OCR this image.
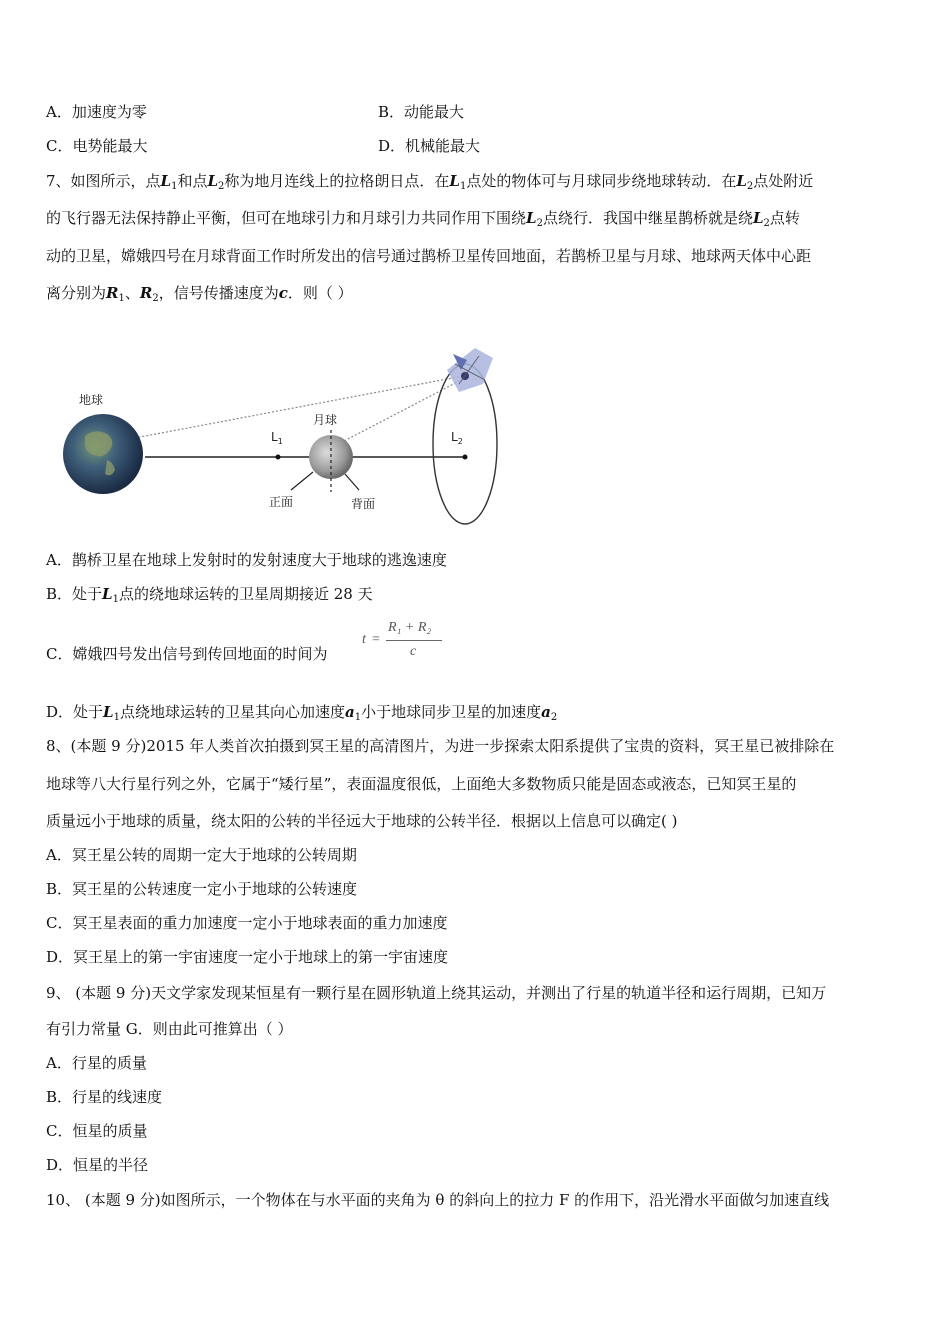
A．加速度为零	B．动能最大
C．电势能最大	D．机械能最大
7、如图所示，点$L_1$和点$L_2$称为地月连线上的拉格朗日点．在$L_1$点处的物体可与月球同步绕地球转动．在$L_2$点处附近
的飞行器无法保持静止平衡，但可在地球引力和月球引力共同作用下围绕$L_2$点绕行．我国中继星鹊桥就是绕$L_2$点转
动的卫星，嫦娥四号在月球背面工作时所发出的信号通过鹊桥卫星传回地面，若鹊桥卫星与月球、地球两天体中心距
离分别为$R_1$、$R_2$，信号传播速度为c．则（ ）
地球
$L_1$
月球
正面	背面
$L_2$
A．鹊桥卫星在地球上发射时的发射速度大于地球的逃逸速度
B．处于$L_1$点的绕地球运转的卫星周期接近 28 天
C．嫦娥四号发出信号到传回地面的时间为
t =
R₁ + R₂
c
D．处于$L_1$点绕地球运转的卫星其向心加速度$a_1$小于地球同步卫星的加速度$a_2$
8、(本题 9 分)2015 年人类首次拍摄到冥王星的高清图片，为进一步探索太阳系提供了宝贵的资料，冥王星已被排除在
地球等八大行星行列之外，它属于“矮行星”，表面温度很低，上面绝大多数物质只能是固态或液态，已知冥王星的
质量远小于地球的质量，绕太阳的公转的半径远大于地球的公转半径．根据以上信息可以确定( )
A．冥王星公转的周期一定大于地球的公转周期
B．冥王星的公转速度一定小于地球的公转速度
C．冥王星表面的重力加速度一定小于地球表面的重力加速度
D．冥王星上的第一宇宙速度一定小于地球上的第一宇宙速度
9、 (本题 9 分)天文学家发现某恒星有一颗行星在圆形轨道上绕其运动，并测出了行星的轨道半径和运行周期，已知万
有引力常量 G．则由此可推算出（ ）
A．行星的质量
B．行星的线速度
C．恒星的质量
D．恒星的半径
10、 (本题 9 分)如图所示，一个物体在与水平面的夹角为 θ 的斜向上的拉力 F 的作用下，沿光滑水平面做匀加速直线
